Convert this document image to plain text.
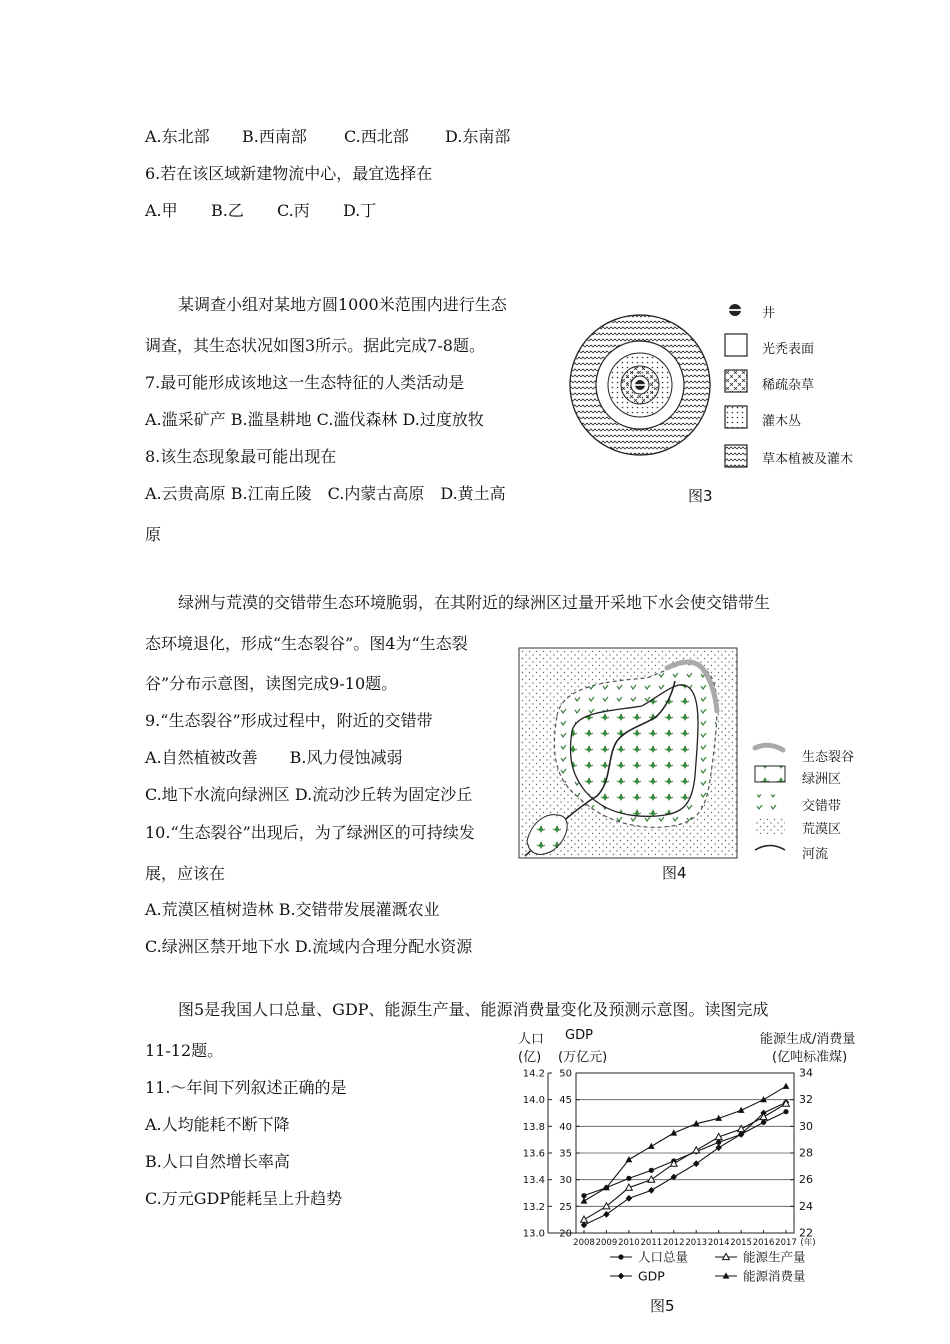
A.东北部 B.西南部 C.西北部 D.东南部
6.若在该区域新建物流中心，最宜选择在
A.甲 B.乙 C.丙 D.丁
某调查小组对某地方圆1000米范围内进行生态
调查，其生态状况如图3所示。据此完成7-8题。
7.最可能形成该地这一生态特征的人类活动是
A.滥采矿产 B.滥垦耕地 C.滥伐森林 D.过度放牧
8.该生态现象最可能出现在
A.云贵高原 B.江南丘陵　C.内蒙古高原　D.黄土高
原
井
光秃表面
稀疏杂草
灌木丛
草本植被及灌木
图3
绿洲与荒漠的交错带生态环境脆弱，在其附近的绿洲区过量开采地下水会使交错带生
态环境退化，形成“生态裂谷”。图4为“生态裂
谷”分布示意图，读图完成9-10题。
9.“生态裂谷”形成过程中，附近的交错带
A.自然植被改善　　B.风力侵蚀减弱
C.地下水流向绿洲区 D.流动沙丘转为固定沙丘
10.“生态裂谷”出现后，为了绿洲区的可持续发
展，应该在
A.荒漠区植树造林 B.交错带发展灌溉农业
C.绿洲区禁开地下水 D.流域内合理分配水资源
生态裂谷
绿洲区
交错带
荒漠区
河流
图4
图5是我国人口总量、GDP、能源生产量、能源消费量变化及预测示意图。读图完成
11-12题。
11.～年间下列叙述正确的是
A.人均能耗不断下降
B.人口自然增长率高
C.万元GDP能耗呈上升趋势
人口
(亿)
GDP
(万亿元)
能源生成/消费量
(亿吨标准煤)
14.2
14.0
13.8
13.6
13.4
13.2
13.0
50
45
40
35
30
25
20
34
32
30
28
26
24
22
2008 2009 2010 2011 2012 2013 2014 2015 2016 2017 (年)
人口总量	能源生产量
GDP	能源消费量
图5
